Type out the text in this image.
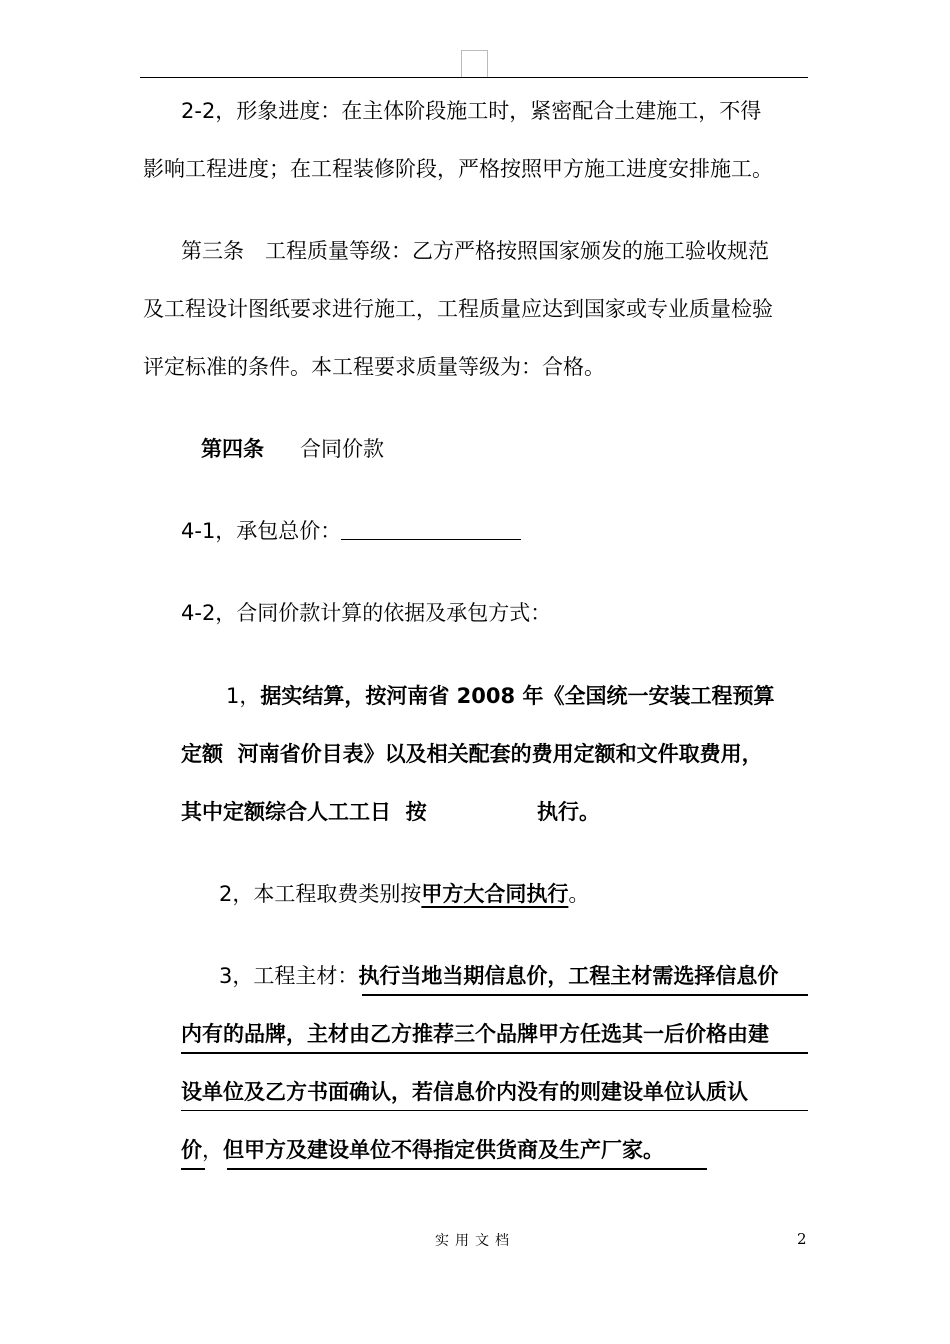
2-2，形象进度：在主体阶段施工时，紧密配合土建施工，不得
影响工程进度；在工程装修阶段，严格按照甲方施工进度安排施工。
第三条　工程质量等级：乙方严格按照国家颁发的施工验收规范
及工程设计图纸要求进行施工，工程质量应达到国家或专业质量检验
评定标准的条件。本工程要求质量等级为：合格。
第四条 合同价款
4-1，承包总价：
4-2，合同价款计算的依据及承包方式：
1，据实结算，按河南省 2008 年《全国统一安装工程预算
定额  河南省价目表》以及相关配套的费用定额和文件取费用，
其中定额综合人工工日  按	执行。
2，本工程取费类别按甲方大合同执行。
3，工程主材：执行当地当期信息价，工程主材需选择信息价
内有的品牌，主材由乙方推荐三个品牌甲方任选其一后价格由建
设单位及乙方书面确认，若信息价内没有的则建设单位认质认
价，但甲方及建设单位不得指定供货商及生产厂家。
实用文档	2
